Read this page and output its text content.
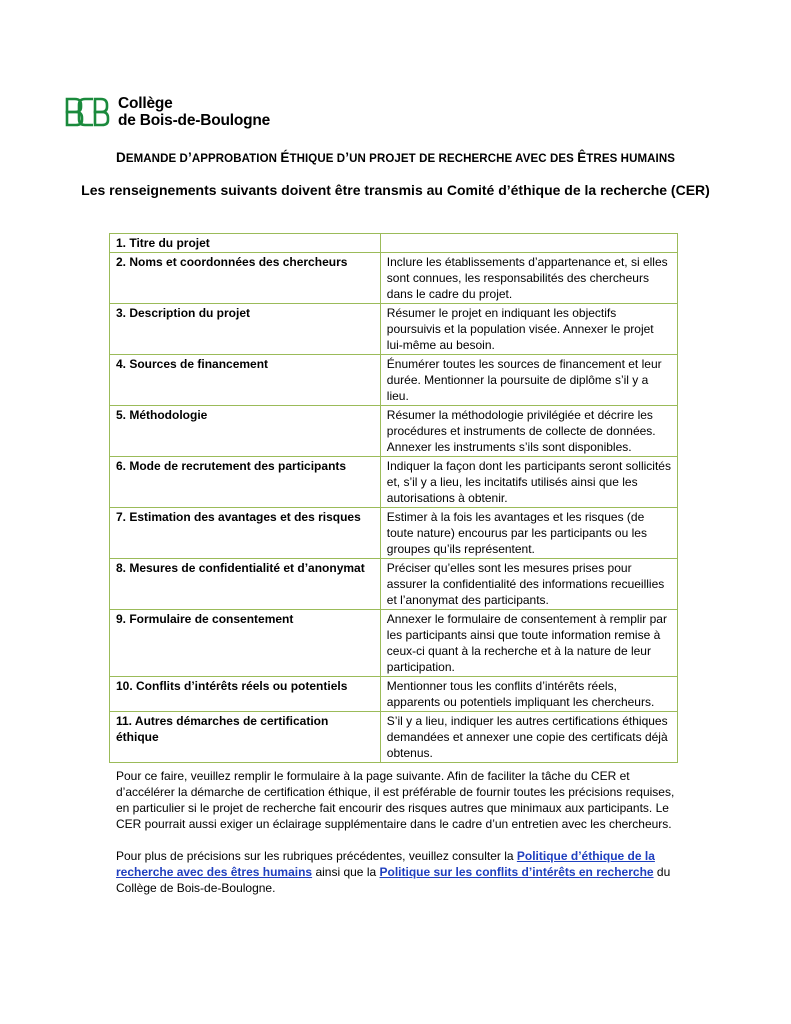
Collège
de Bois-de-Boulogne
DEMANDE D’APPROBATION ÉTHIQUE D’UN PROJET DE RECHERCHE AVEC DES ÊTRES HUMAINS
Les renseignements suivants doivent être transmis au Comité d’éthique de la recherche (CER)
1. Titre du projet	
2. Noms et coordonnées des chercheurs	Inclure les établissements d’appartenance et, si elles sont connues, les responsabilités des chercheurs dans le cadre du projet.
3. Description du projet	Résumer le projet en indiquant les objectifs poursuivis et la population visée. Annexer le projet lui-même au besoin.
4. Sources de financement	Énumérer toutes les sources de financement et leur durée. Mentionner la poursuite de diplôme s’il y a lieu.
5. Méthodologie	Résumer la méthodologie privilégiée et décrire les procédures et instruments de collecte de données. Annexer les instruments s’ils sont disponibles.
6. Mode de recrutement des participants	Indiquer la façon dont les participants seront sollicités et, s’il y a lieu, les incitatifs utilisés ainsi que les autorisations à obtenir.
7. Estimation des avantages et des risques	Estimer à la fois les avantages et les risques (de toute nature) encourus par les participants ou les groupes qu’ils représentent.
8. Mesures de confidentialité et d’anonymat	Préciser qu’elles sont les mesures prises pour assurer la confidentialité des informations recueillies et l’anonymat des participants.
9. Formulaire de consentement	Annexer le formulaire de consentement à remplir par les participants ainsi que toute information remise à ceux-ci quant à la recherche et à la nature de leur participation.
10. Conflits d’intérêts réels ou potentiels	Mentionner tous les conflits d’intérêts réels, apparents ou potentiels impliquant les chercheurs.
11. Autres démarches de certification éthique	S’il y a lieu, indiquer les autres certifications éthiques demandées et annexer une copie des certificats déjà obtenus.
Pour ce faire, veuillez remplir le formulaire à la page suivante. Afin de faciliter la tâche du CER et d’accélérer la démarche de certification éthique, il est préférable de fournir toutes les précisions requises, en particulier si le projet de recherche fait encourir des risques autres que minimaux aux participants. Le CER pourrait aussi exiger un éclairage supplémentaire dans le cadre d’un entretien avec les chercheurs.
Pour plus de précisions sur les rubriques précédentes, veuillez consulter la Politique d’éthique de la recherche avec des êtres humains ainsi que la Politique sur les conflits d’intérêts en recherche du Collège de Bois-de-Boulogne.
